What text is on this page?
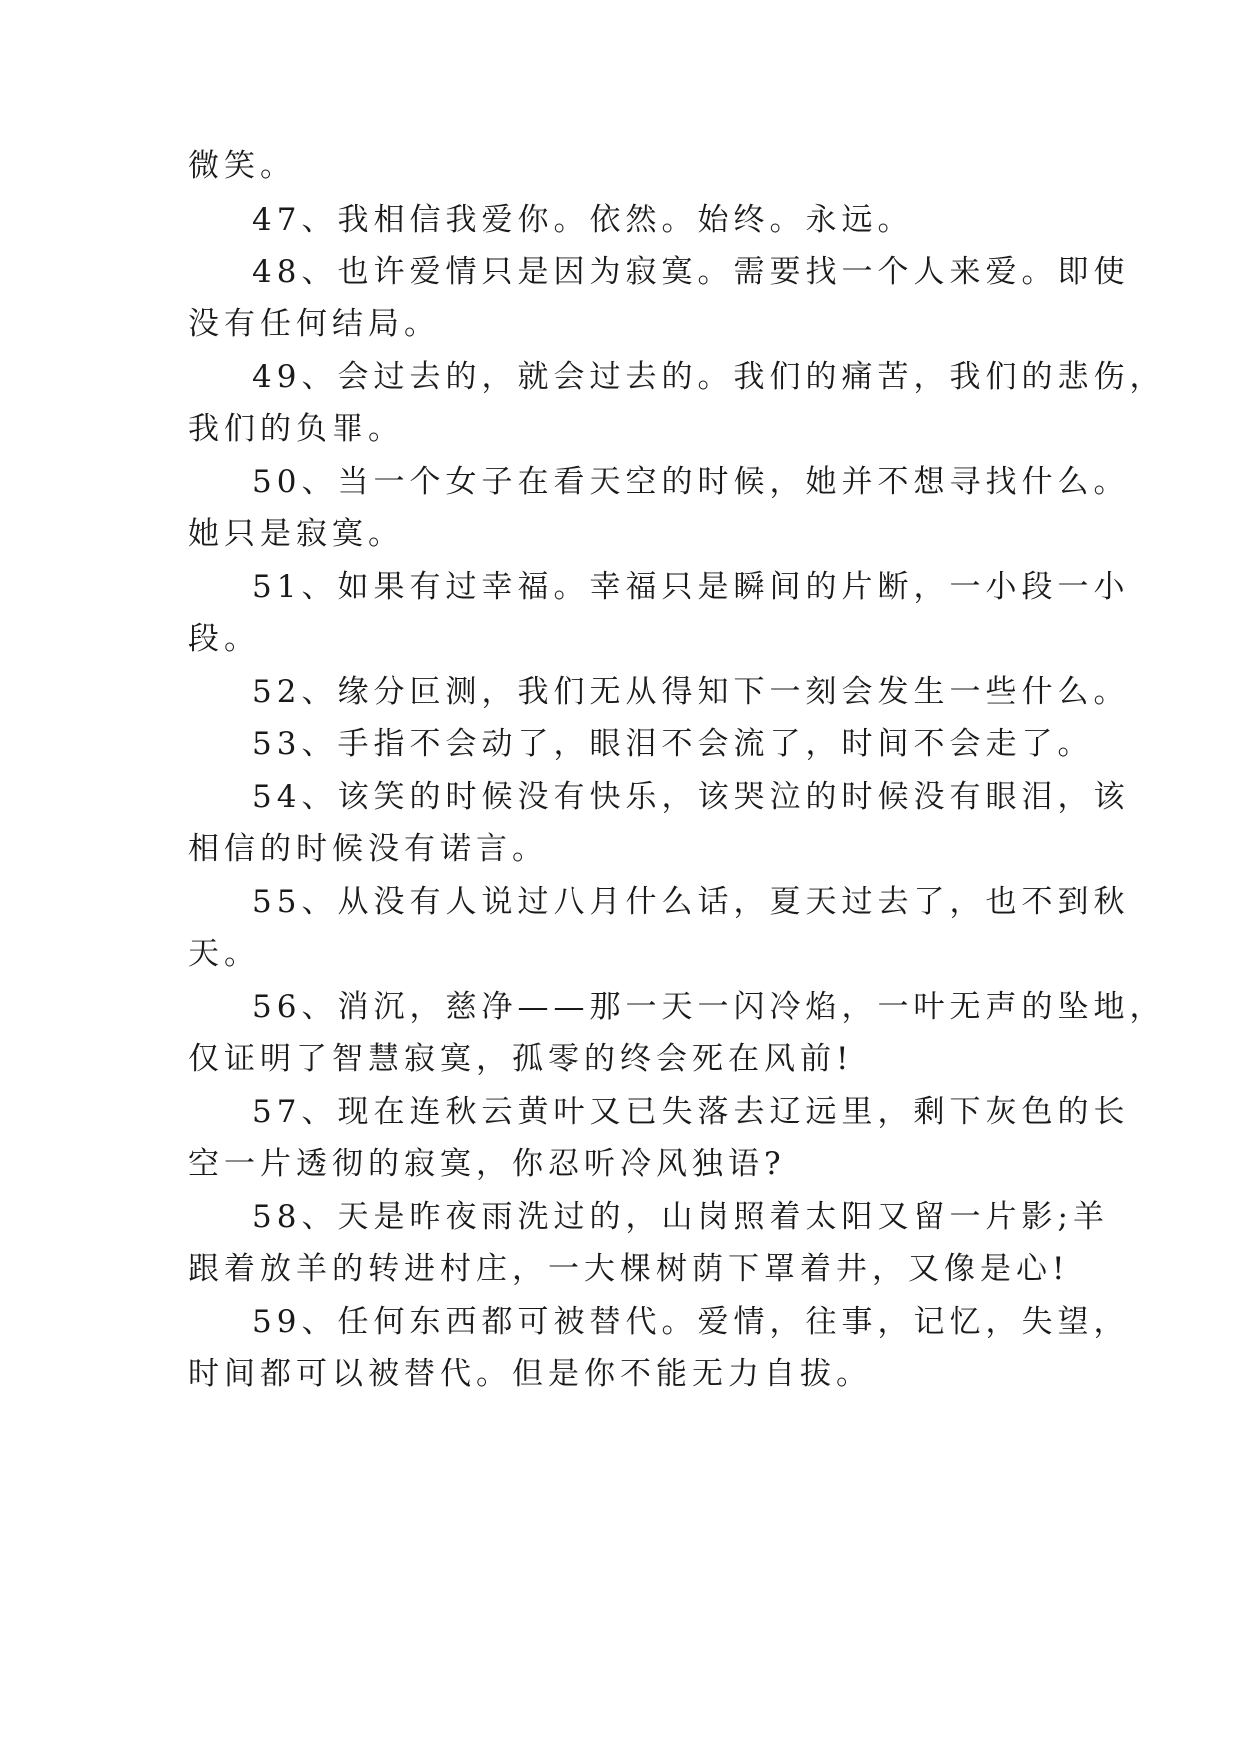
微笑。
47、我相信我爱你。依然。始终。永远。
48、也许爱情只是因为寂寞。需要找一个人来爱。即使
没有任何结局。
49、会过去的，就会过去的。我们的痛苦，我们的悲伤，
我们的负罪。
50、当一个女子在看天空的时候，她并不想寻找什么。
她只是寂寞。
51、如果有过幸福。幸福只是瞬间的片断，一小段一小
段。
52、缘分叵测，我们无从得知下一刻会发生一些什么。
53、手指不会动了，眼泪不会流了，时间不会走了。
54、该笑的时候没有快乐，该哭泣的时候没有眼泪，该
相信的时候没有诺言。
55、从没有人说过八月什么话，夏天过去了，也不到秋
天。
56、消沉，慈净——那一天一闪冷焰，一叶无声的坠地，
仅证明了智慧寂寞，孤零的终会死在风前!
57、现在连秋云黄叶又已失落去辽远里，剩下灰色的长
空一片透彻的寂寞，你忍听冷风独语?
58、天是昨夜雨洗过的，山岗照着太阳又留一片影;羊
跟着放羊的转进村庄，一大棵树荫下罩着井，又像是心!
59、任何东西都可被替代。爱情，往事，记忆，失望，
时间都可以被替代。但是你不能无力自拔。
